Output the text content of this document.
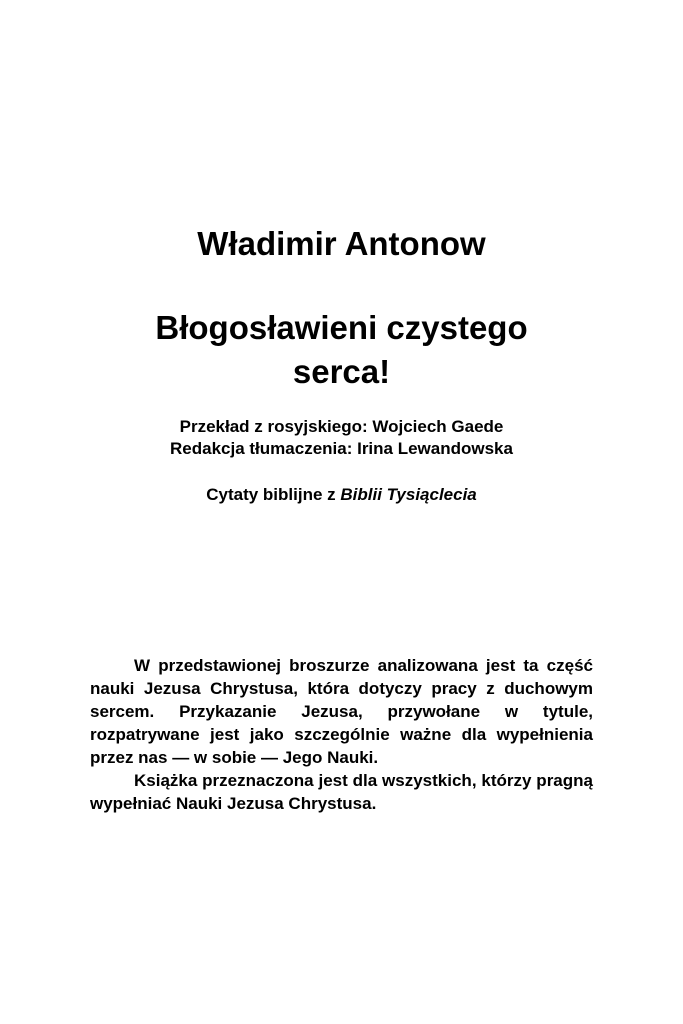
Władimir Antonow
Błogosławieni czystego
serca!
Przekład z rosyjskiego: Wojciech Gaede
Redakcja tłumaczenia: Irina Lewandowska
Cytaty biblijne z Biblii Tysiąclecia

W przedstawionej broszurze analizowana jest ta część nauki Jezusa Chrystusa, która dotyczy pracy z duchowym sercem. Przykazanie Jezusa, przywołane w tytule, rozpatrywane jest jako szczególnie ważne dla wypełnienia przez nas — w sobie — Jego Nauki.

Książka przeznaczona jest dla wszystkich, którzy pragną wypełniać Nauki Jezusa Chrystusa.
